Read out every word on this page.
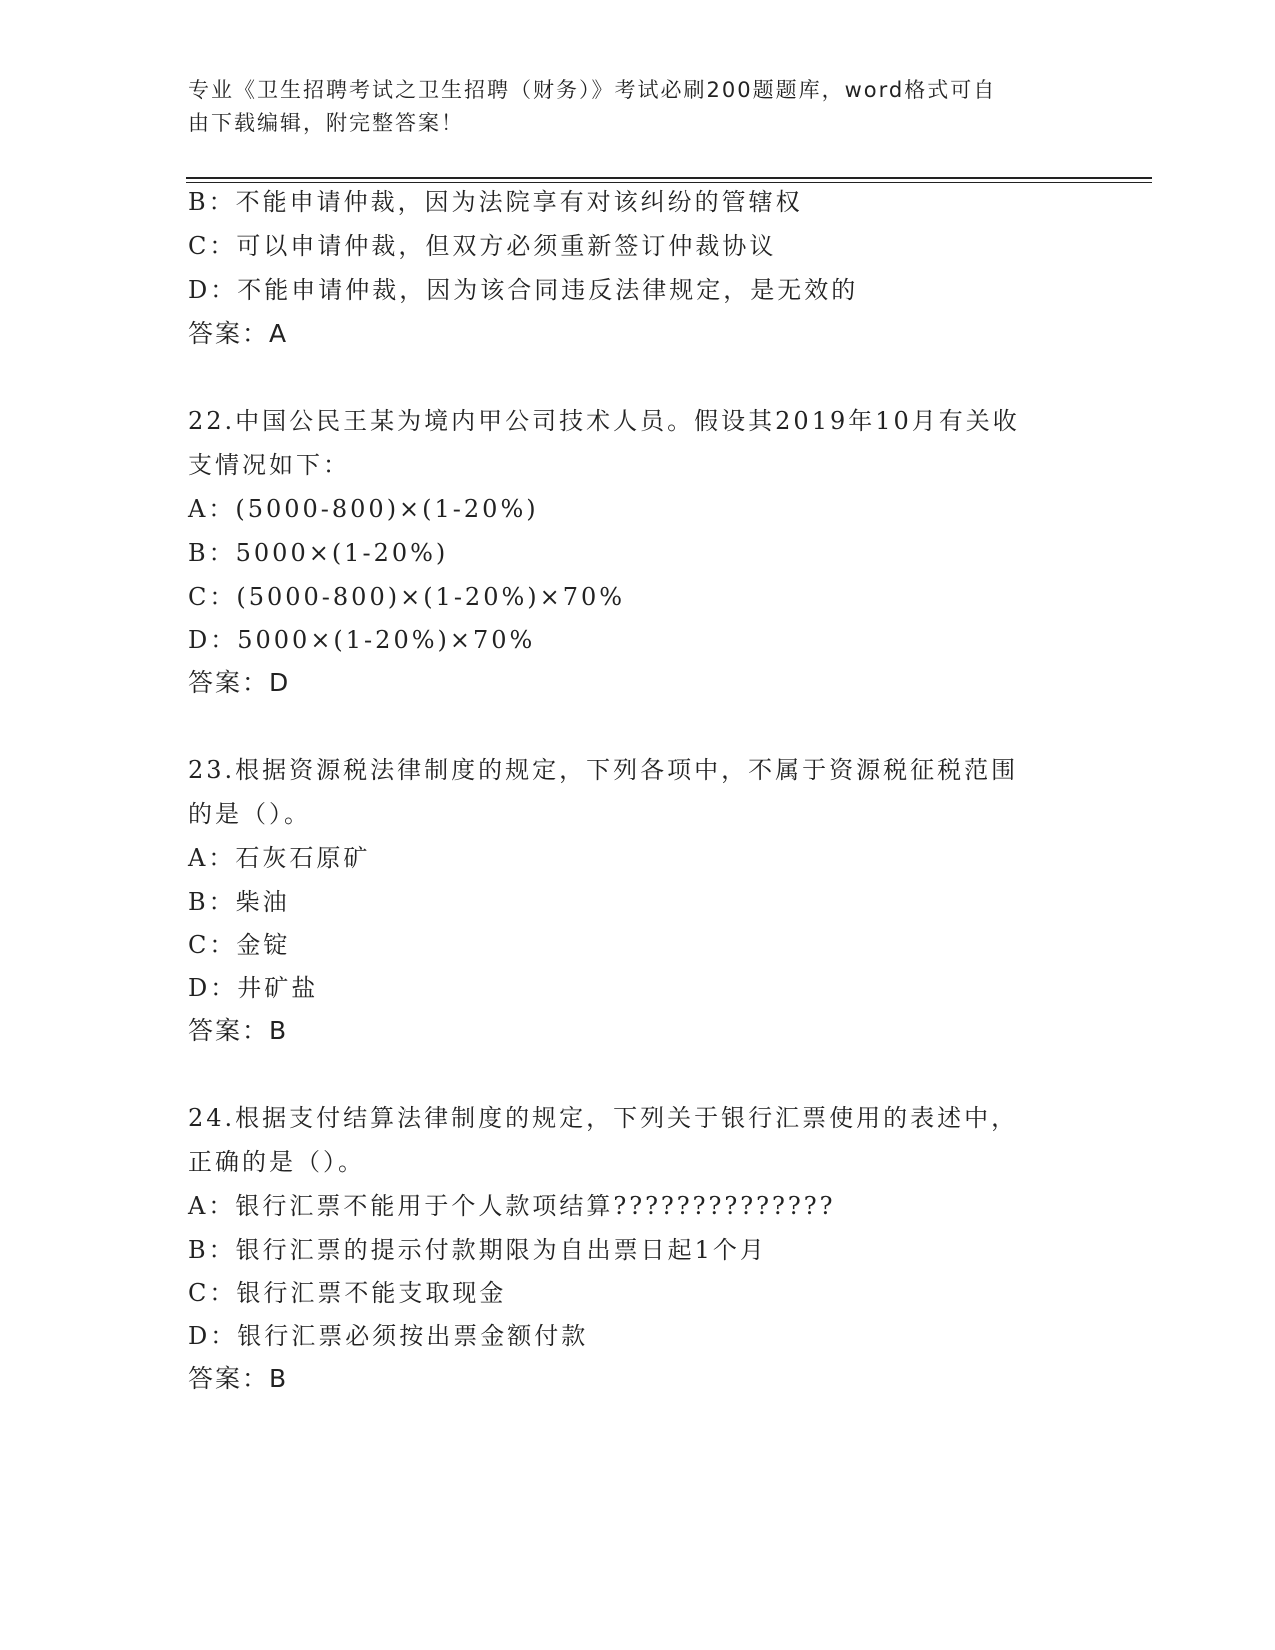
专业《卫生招聘考试之卫生招聘（财务）》考试必刷200题题库，word格式可自
由下载编辑，附完整答案！
B：不能申请仲裁，因为法院享有对该纠纷的管辖权
C：可以申请仲裁，但双方必须重新签订仲裁协议
D：不能申请仲裁，因为该合同违反法律规定，是无效的
答案：A
22.中国公民王某为境内甲公司技术人员。假设其2019年10月有关收
支情况如下：
A：(5000-800)×(1-20%)
B：5000×(1-20%)
C：(5000-800)×(1-20%)×70%
D：5000×(1-20%)×70%
答案：D
23.根据资源税法律制度的规定，下列各项中，不属于资源税征税范围
的是（）。
A：石灰石原矿
B：柴油
C：金锭
D：井矿盐
答案：B
24.根据支付结算法律制度的规定，下列关于银行汇票使用的表述中，
正确的是（）。
A：银行汇票不能用于个人款项结算??????????????
B：银行汇票的提示付款期限为自出票日起1个月
C：银行汇票不能支取现金
D：银行汇票必须按出票金额付款
答案：B
